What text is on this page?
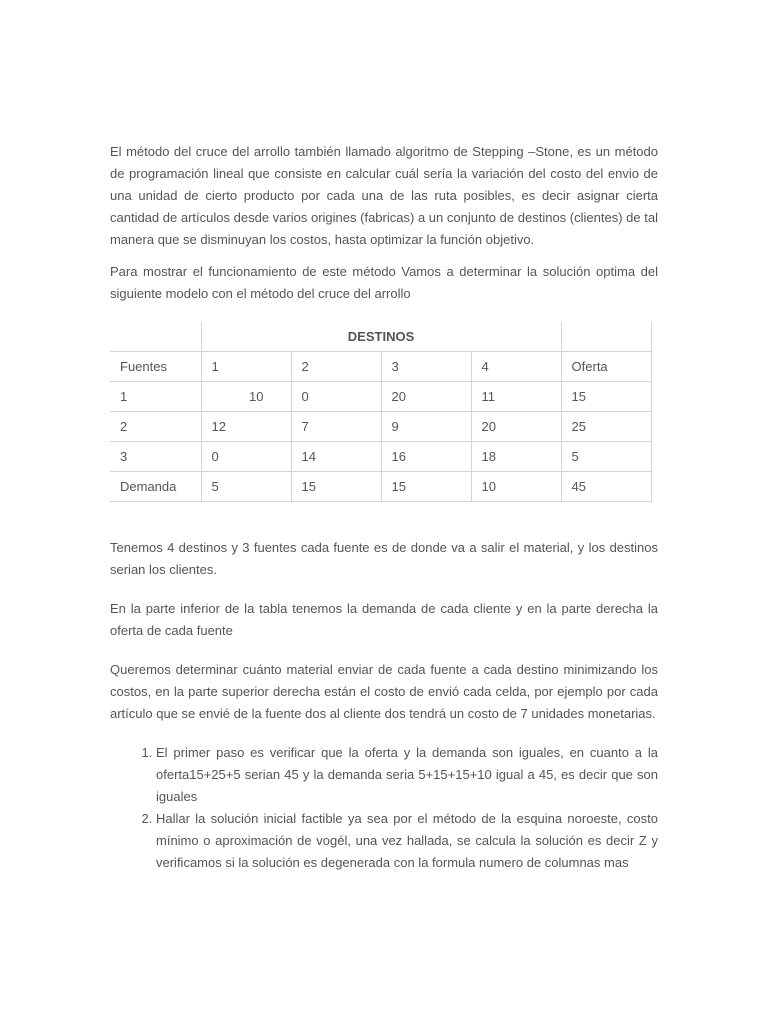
El método del cruce del arrollo también llamado algoritmo de Stepping –Stone, es un método de programación lineal que consiste en calcular cuál sería la variación del costo del envio de una unidad de cierto producto por cada una de las ruta posibles, es decir asignar cierta cantidad de artículos desde varios origines (fabricas) a un conjunto de destinos (clientes) de tal manera que se disminuyan los costos, hasta optimizar la función objetivo.

Para mostrar el funcionamiento de este método Vamos a determinar la solución optima del siguiente modelo con el método del cruce del arrollo

	DESTINOS				
Fuentes	1	2	3	4	Oferta
1	10	0	20	11	15
2	12	7	9	20	25
3	0	14	16	18	5
Demanda	5	15	15	10	45

Tenemos 4 destinos y 3 fuentes cada fuente es de donde va a salir el material, y los destinos serian los clientes.

En la parte inferior de la tabla tenemos la demanda de cada cliente y en la parte derecha la oferta de cada fuente

Queremos determinar cuánto material enviar de cada fuente a cada destino minimizando los costos, en la parte superior derecha están el costo de envió cada celda, por ejemplo por cada artículo que se envié de la fuente dos al cliente dos tendrá un costo de 7 unidades monetarias.

1. El primer paso es verificar que la oferta y la demanda son iguales, en cuanto a la oferta15+25+5 serian 45 y la demanda seria 5+15+15+10 igual a 45, es decir que son iguales
2. Hallar la solución inicial factible ya sea por el método de la esquina noroeste, costo mínimo o aproximación de vogél, una vez hallada, se calcula la solución es decir Z y verificamos si la solución es degenerada con la formula numero de columnas mas
